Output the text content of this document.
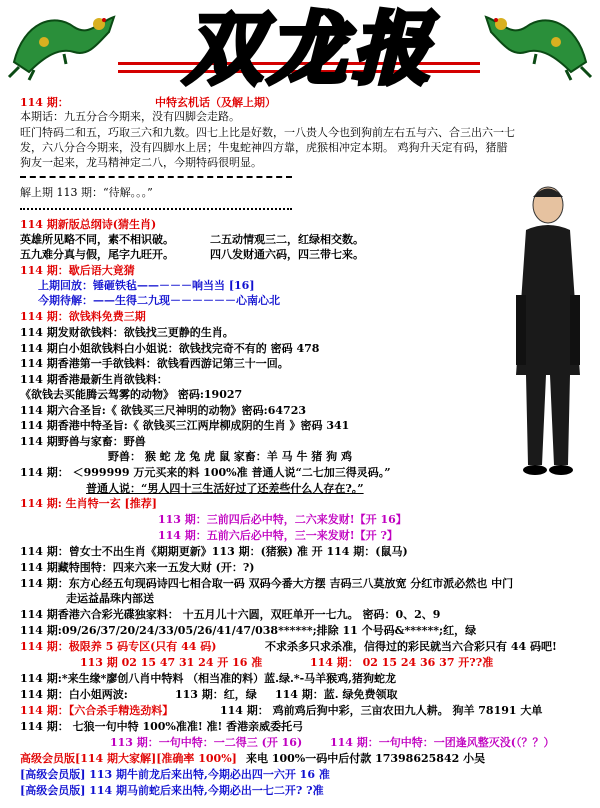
双龙报
114 期：	中特玄机话（及解上期）
本期话：九五分合今期来，没有四脚会走路。
旺门特码二和五，巧取三六和九数。四七上比是好数，一八贵人今也到狗前左右五与六、合三出六一七
发，六八分合今期来，没有四脚水上居；牛鬼蛇神四方靠，虎猴相冲定本期。 鸡狗升天定有码，猪腊
狗友一起来，龙马精神定二八，今期特码很明显。
解上期 113 期：“待解。。。”
114 期新版总纲诗(猜生肖)
英雄所见略不同，素不相识破。	二五动情观三二，红绿相交数。
五九难分真与假，尾字九旺开。	四八发财通六码，四三带七来。
114 期：歇后语大竟猜
上期回放：锤砸铁毡——－－－响当当 [16]
今期待解：——生得二九现－－－－－－心南心北
114 期：欲钱料免费三期
114 期发财欲钱料：欲钱找三更静的生肖。
114 期白小姐欲钱料白小姐说：欲钱找完奇不有的 密码 478
114 期香港第一手欲钱料：欲钱看西游记第三十一回。
114 期香港最新生肖欲钱料：
《欲钱去买能腾云驾雾的动物》 密码:19027
114 期六合圣旨:《 欲钱买三尺神明的动物》密码:64723
114 期香港中特圣旨:《 欲钱买三江两岸柳成阴的生肖 》密码 341
114 期野兽与家畜：野兽
野兽： 猴 蛇 龙 兔 虎 鼠 家畜：羊 马 牛 猪 狗 鸡
114 期： ＜999999 万元买来的料 100%准 普通人说“二七加三得灵码。”
普通人说：“男人四十三生活好过了还差些什么人存在?。”
114 期: 生肖特一玄 [推荐]
113 期：三前四后必中特，二六来发财!【开 16】
114 期：五前六后必中特，三一来发财!【开 ?】
114 期：曾女士不出生肖《期期更新》113 期：(猪猴) 准 开 114 期：(鼠马)
114 期藏特围特：四来六来一五发大财 (开：?)
114 期：东方心经五句现码诗四七相合取一码 双码今番大方摆 吉码三八莫放宽 分红市派必然也 中门
走运益晶珠内部送
114 期香港六合彩光碟独家料： 十五月儿十六圆，双旺单开一七九。 密码：0、2、9
114 期:09/26/37/20/24/33/05/26/41/47/038******;排除 11 个号码&******;红，绿
114 期：极限养 5 码专区(只有 44 码)	不求杀多只求杀准，信得过的彩民就当六合彩只有 44 码吧!
113 期 02 15 47 31 24 开 16 准	114 期： 02 15 24 36 37 开??准
114 期:*来生缘*廖创八肖中特料 （相当准的料）蓝.绿.*-马羊猴鸡,猪狗蛇龙
114 期：白小姐两波:	113 期：红，绿 114 期：蓝. 绿免费领取
114 期：【六合杀手精选劲料】	114 期： 鸡前鸡后狗中彩，三亩农田九人耕。 狗羊 78191 大单
114 期： 七狼一句中特 100%准准! 准! 香港亲威委托弓
113 期：一句中特：一二得三 (开 16)	114 期：一句中特：一团逢风整灭没(（？？）
高级会员版[114 期大家解][准确率 100%] 来电 100%一码中后付款 17398625842 小吴
[高级会员版] 113 期牛前龙后来出特,今期必出四一六开 16 准
[高级会员版] 114 期马前蛇后来出特,今期必出一七二开? ?准
